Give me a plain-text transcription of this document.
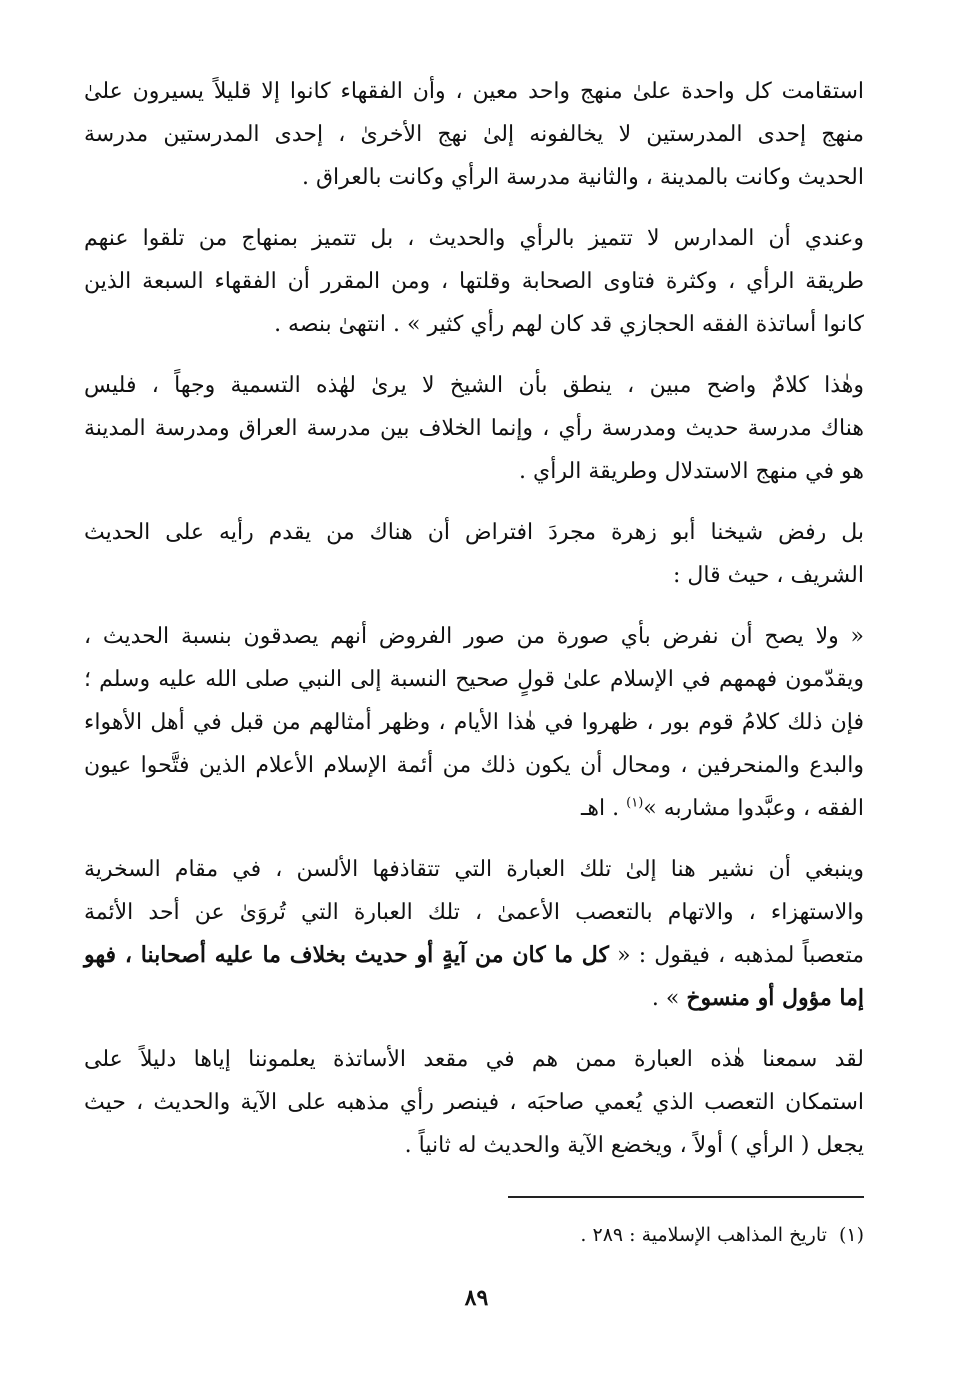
استقامت كل واحدة علىٰ منهج واحد معين ، وأن الفقهاء كانوا إلا قليلاً يسيرون علىٰ
منهج إحدى المدرستين لا يخالفونه إلىٰ نهج الأخرىٰ ، إحدى المدرستين مدرسة
الحديث وكانت بالمدينة ، والثانية مدرسة الرأي وكانت بالعراق .

وعندي أن المدارس لا تتميز بالرأي والحديث ، بل تتميز بمنهاج من تلقوا عنهم
طريقة الرأي ، وكثرة فتاوى الصحابة وقلتها ، ومن المقرر أن الفقهاء السبعة الذين
كانوا أساتذة الفقه الحجازي قد كان لهم رأي كثير » . انتهىٰ بنصه .

وهٰذا كلامٌ واضح مبين ، ينطق بأن الشيخ لا يرىٰ لهٰذه التسمية وجهاً ، فليس
هناك مدرسة حديث ومدرسة رأي ، وإنما الخلاف بين مدرسة العراق ومدرسة المدينة
هو في منهج الاستدلال وطريقة الرأي .

بل رفض شيخنا أبو زهرة مجردَ افتراض أن هناك من يقدم رأيه على الحديث
الشريف ، حيث قال :

« ولا يصح أن نفرض بأي صورة من صور الفروض أنهم يصدقون بنسبة الحديث ،
ويقدّمون فهمهم في الإسلام علىٰ قولٍ صحيح النسبة إلى النبي صلى الله عليه وسلم ؛
فإن ذلك كلامُ قوم بور ، ظهروا في هٰذا الأيام ، وظهر أمثالهم من قبل في أهل الأهواء
والبدع والمنحرفين ، ومحال أن يكون ذلك من أئمة الإسلام الأعلام الذين فتَّحوا عيون
الفقه ، وعبَّدوا مشاربه »$^{(١)}$ . اهـ

وينبغي أن نشير هنا إلىٰ تلك العبارة التي تتقاذفها الألسن ، في مقام السخرية
والاستهزاء ، والاتهام بالتعصب الأعمىٰ ، تلك العبارة التي تُروَىٰ عن أحد الأئمة
متعصباً لمذهبه ، فيقول : « كل ما كان من آيةٍ أو حديث بخلاف ما عليه أصحابنا ، فهو
إما مؤول أو منسوخ » .

لقد سمعنا هٰذه العبارة ممن هم في مقعد الأساتذة يعلموننا إياها دليلاً على
استمكان التعصب الذي يُعمي صاحبَه ، فينصر رأي مذهبه على الآية والحديث ، حيث
يجعل ( الرأي ) أولاً ، ويخضع الآية والحديث له ثانياً .

(١)تاريخ المذاهب الإسلامية : ٢٨٩ .
٨٩
